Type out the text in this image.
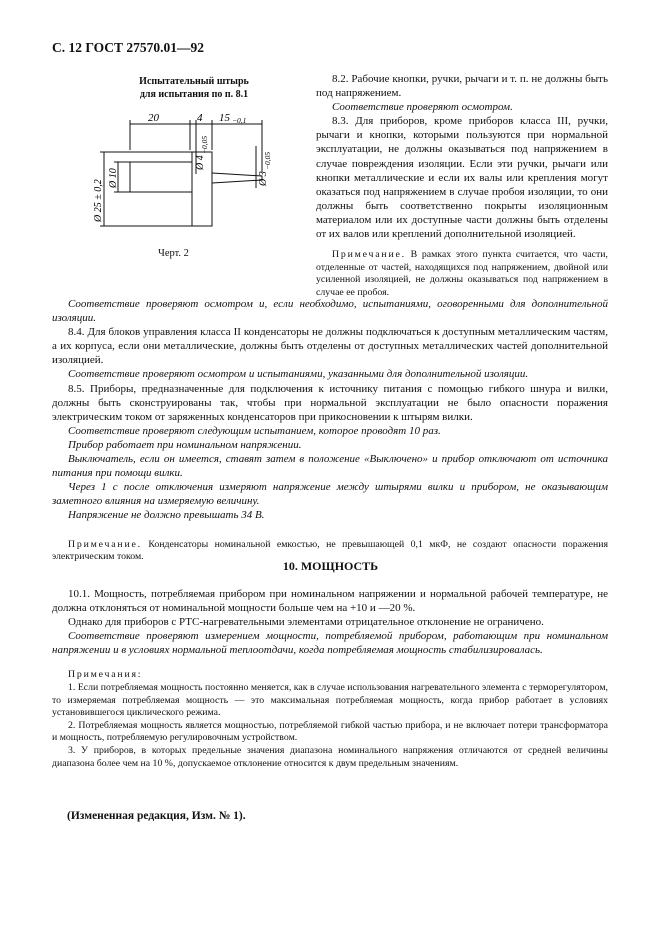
С. 12 ГОСТ 27570.01—92
Испытательный штырь
для испытания по п. 8.1
20	4 15 −0,1
Ø 25 ± 0,2
Ø 10
Ø 4
−0,05
Ø 3
−0,05
Черт. 2

8.2. Рабочие кнопки, ручки, рычаги и т. п. не должны быть под напряжением.

Соответствие проверяют осмотром.

8.3. Для приборов, кроме приборов класса III, ручки, рычаги и кнопки, которыми пользуются при нормальной эксплуатации, не должны оказываться под напряжением в случае повреждения изоляции. Если эти ручки, рычаги или кнопки металлические и если их валы или крепления могут оказаться под напряжением в случае пробоя изоляции, то они должны быть соответственно покрыты изоляционным материалом или их доступные части должны быть отделены от их валов или креплений дополнительной изоляцией.

Примечание. В рамках этого пункта считается, что части, отделенные от частей, находящихся под напряжением, двойной или усиленной изоляцией, не должны оказываться под напряжением в случае ее пробоя.

Соответствие проверяют осмотром и, если необходимо, испытаниями, оговоренными для дополнительной изоляции.

8.4. Для блоков управления класса II конденсаторы не должны подключаться к доступным металлическим частям, а их корпуса, если они металлические, должны быть отделены от доступных металлических частей дополнительной изоляцией.

Соответствие проверяют осмотром и испытаниями, указанными для дополнительной изоляции.

8.5. Приборы, предназначенные для подключения к источнику питания с помощью гибкого шнура и вилки, должны быть сконструированы так, чтобы при нормальной эксплуатации не было опасности поражения электрическим током от заряженных конденсаторов при прикосновении к штырям вилки.

Соответствие проверяют следующим испытанием, которое проводят 10 раз.

Прибор работает при номинальном напряжении.

Выключатель, если он имеется, ставят затем в положение «Выключено» и прибор отключают от источника питания при помощи вилки.

Через 1 с после отключения измеряют напряжение между штырями вилки и прибором, не оказывающим заметного влияния на измеряемую величину.

Напряжение не должно превышать 34 В.

Примечание. Конденсаторы номинальной емкостью, не превышающей 0,1 мкФ, не создают опасности поражения электрическим током.

10. МОЩНОСТЬ

10.1. Мощность, потребляемая прибором при номинальном напряжении и нормальной рабочей температуре, не должна отклоняться от номинальной мощности больше чем на +10 и —20 %.

Однако для приборов с РТС-нагревательными элементами отрицательное отклонение не ограничено.

Соответствие проверяют измерением мощности, потребляемой прибором, работающим при номинальном напряжении и в условиях нормальной теплоотдачи, когда потребляемая мощность стабилизировалась.

Примечания:

1. Если потребляемая мощность постоянно меняется, как в случае использования нагревательного элемента с терморегулятором, то измеряемая потребляемая мощность — это максимальная потребляемая мощность, когда прибор работает в условиях установившегося циклического режима.

2. Потребляемая мощность является мощностью, потребляемой гибкой частью прибора, и не включает потери трансформатора и мощность, потребляемую регулировочным устройством.

3. У приборов, в которых предельные значения диапазона номинального напряжения отличаются от средней величины диапазона более чем на 10 %, допускаемое отклонение относится к двум предельным значениям.

(Измененная редакция, Изм. № 1).
